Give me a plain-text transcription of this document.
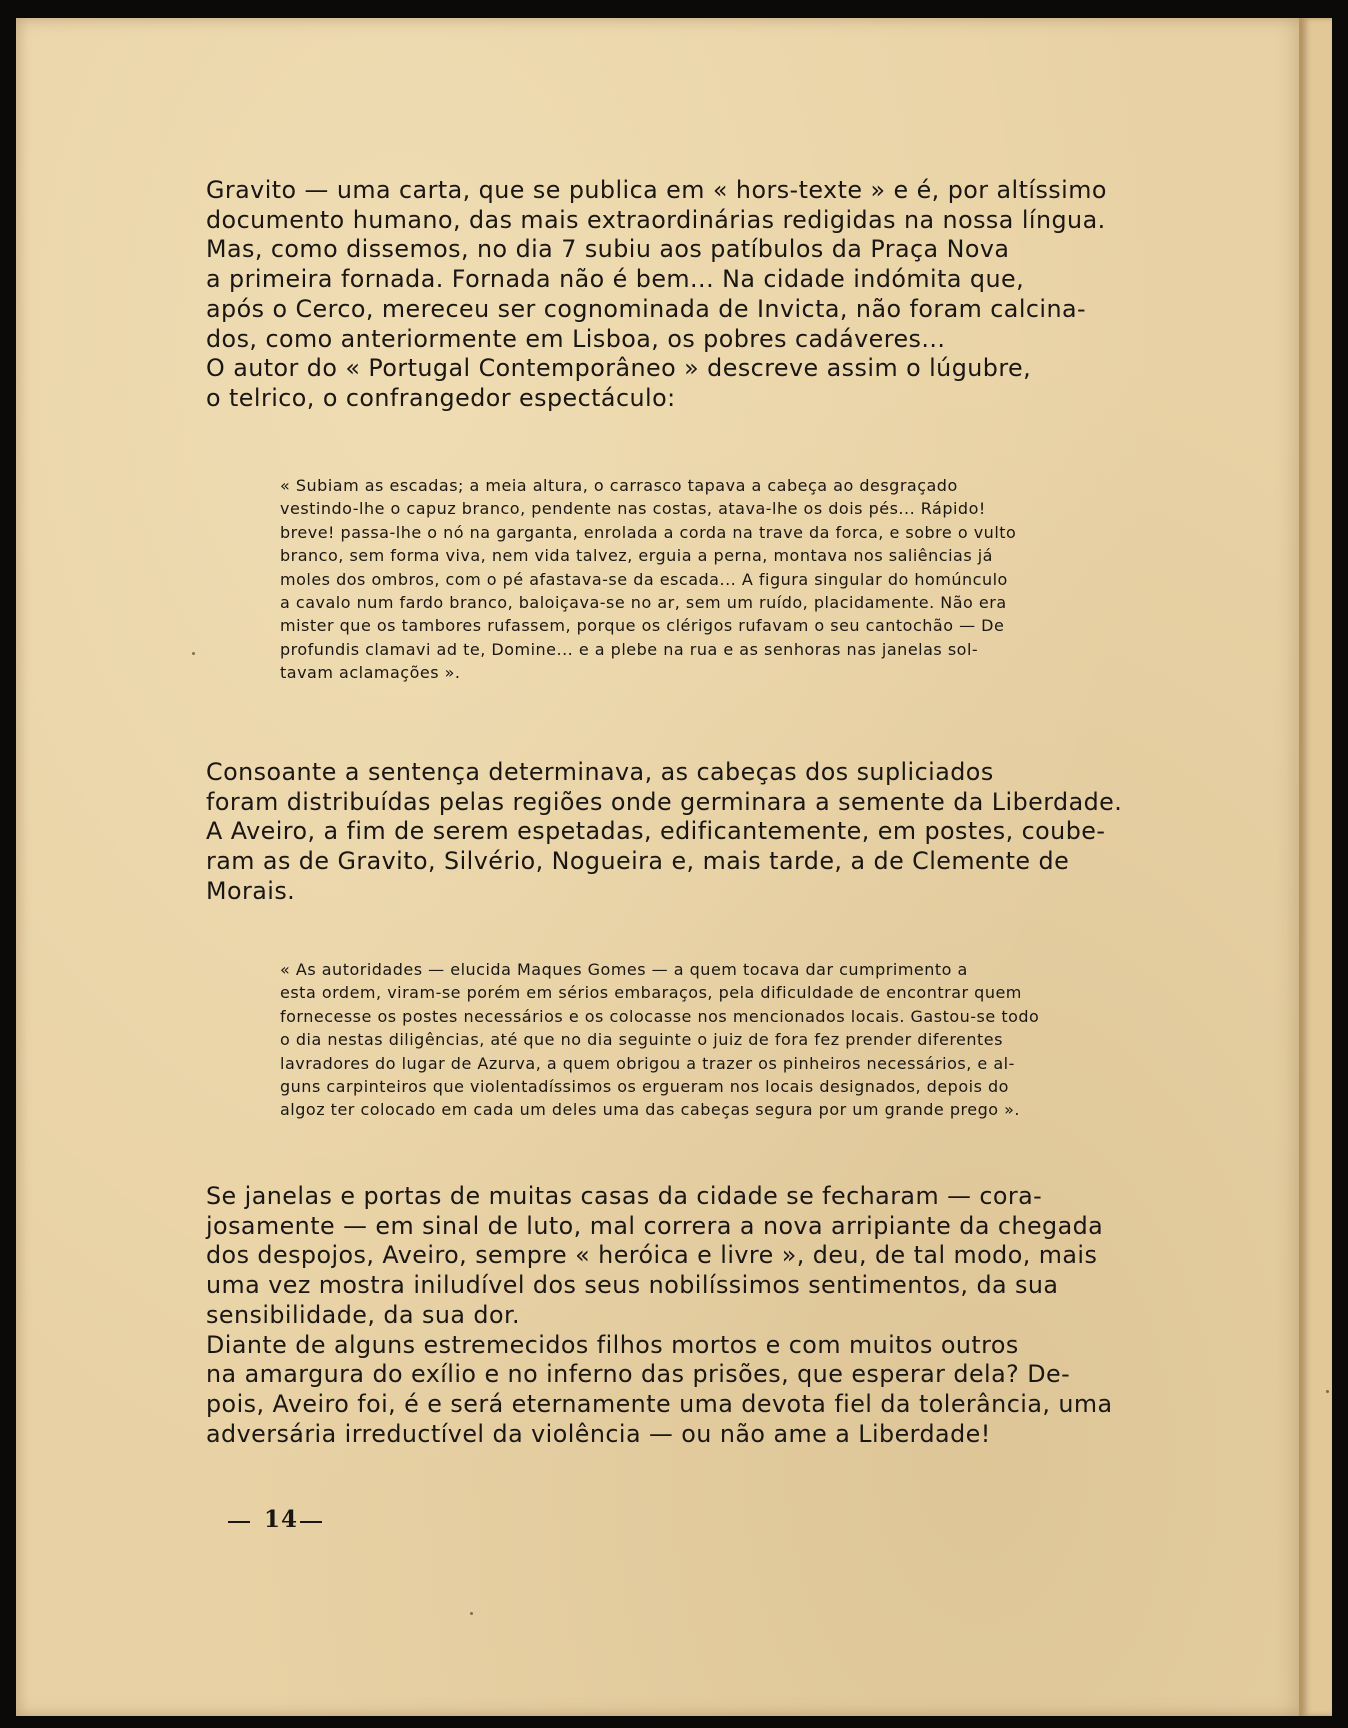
Gravito — uma carta, que se publica em « hors-texte » e é, por altíssimo
documento humano, das mais extraordinárias redigidas na nossa língua.
Mas, como dissemos, no dia 7 subiu aos patíbulos da Praça Nova
a primeira fornada. Fornada não é bem... Na cidade indómita que,
após o Cerco, mereceu ser cognominada de Invicta, não foram calcina-
dos, como anteriormente em Lisboa, os pobres cadáveres...
O autor do « Portugal Contemporâneo » descreve assim o lúgubre,
o telrico, o confrangedor espectáculo:

« Subiam as escadas; a meia altura, o carrasco tapava a cabeça ao desgraçado
vestindo-lhe o capuz branco, pendente nas costas, atava-lhe os dois pés... Rápido!
breve! passa-lhe o nó na garganta, enrolada a corda na trave da forca, e sobre o vulto
branco, sem forma viva, nem vida talvez, erguia a perna, montava nos saliências já
moles dos ombros, com o pé afastava-se da escada... A figura singular do homúnculo
a cavalo num fardo branco, baloiçava-se no ar, sem um ruído, placidamente. Não era
mister que os tambores rufassem, porque os clérigos rufavam o seu cantochão — De
profundis clamavi ad te, Domine... e a plebe na rua e as senhoras nas janelas sol-
tavam aclamações ».

Consoante a sentença determinava, as cabeças dos supliciados
foram distribuídas pelas regiões onde germinara a semente da Liberdade.
A Aveiro, a fim de serem espetadas, edificantemente, em postes, coube-
ram as de Gravito, Silvério, Nogueira e, mais tarde, a de Clemente de
Morais.

« As autoridades — elucida Maques Gomes — a quem tocava dar cumprimento a
esta ordem, viram-se porém em sérios embaraços, pela dificuldade de encontrar quem
fornecesse os postes necessários e os colocasse nos mencionados locais. Gastou-se todo
o dia nestas diligências, até que no dia seguinte o juiz de fora fez prender diferentes
lavradores do lugar de Azurva, a quem obrigou a trazer os pinheiros necessários, e al-
guns carpinteiros que violentadíssimos os ergueram nos locais designados, depois do
algoz ter colocado em cada um deles uma das cabeças segura por um grande prego ».

Se janelas e portas de muitas casas da cidade se fecharam — cora-
josamente — em sinal de luto, mal correra a nova arripiante da chegada
dos despojos, Aveiro, sempre « heróica e livre », deu, de tal modo, mais
uma vez mostra iniludível dos seus nobilíssimos sentimentos, da sua
sensibilidade, da sua dor.
Diante de alguns estremecidos filhos mortos e com muitos outros
na amargura do exílio e no inferno das prisões, que esperar dela? De-
pois, Aveiro foi, é e será eternamente uma devota fiel da tolerância, uma
adversária irreductível da violência — ou não ame a Liberdade!

14
